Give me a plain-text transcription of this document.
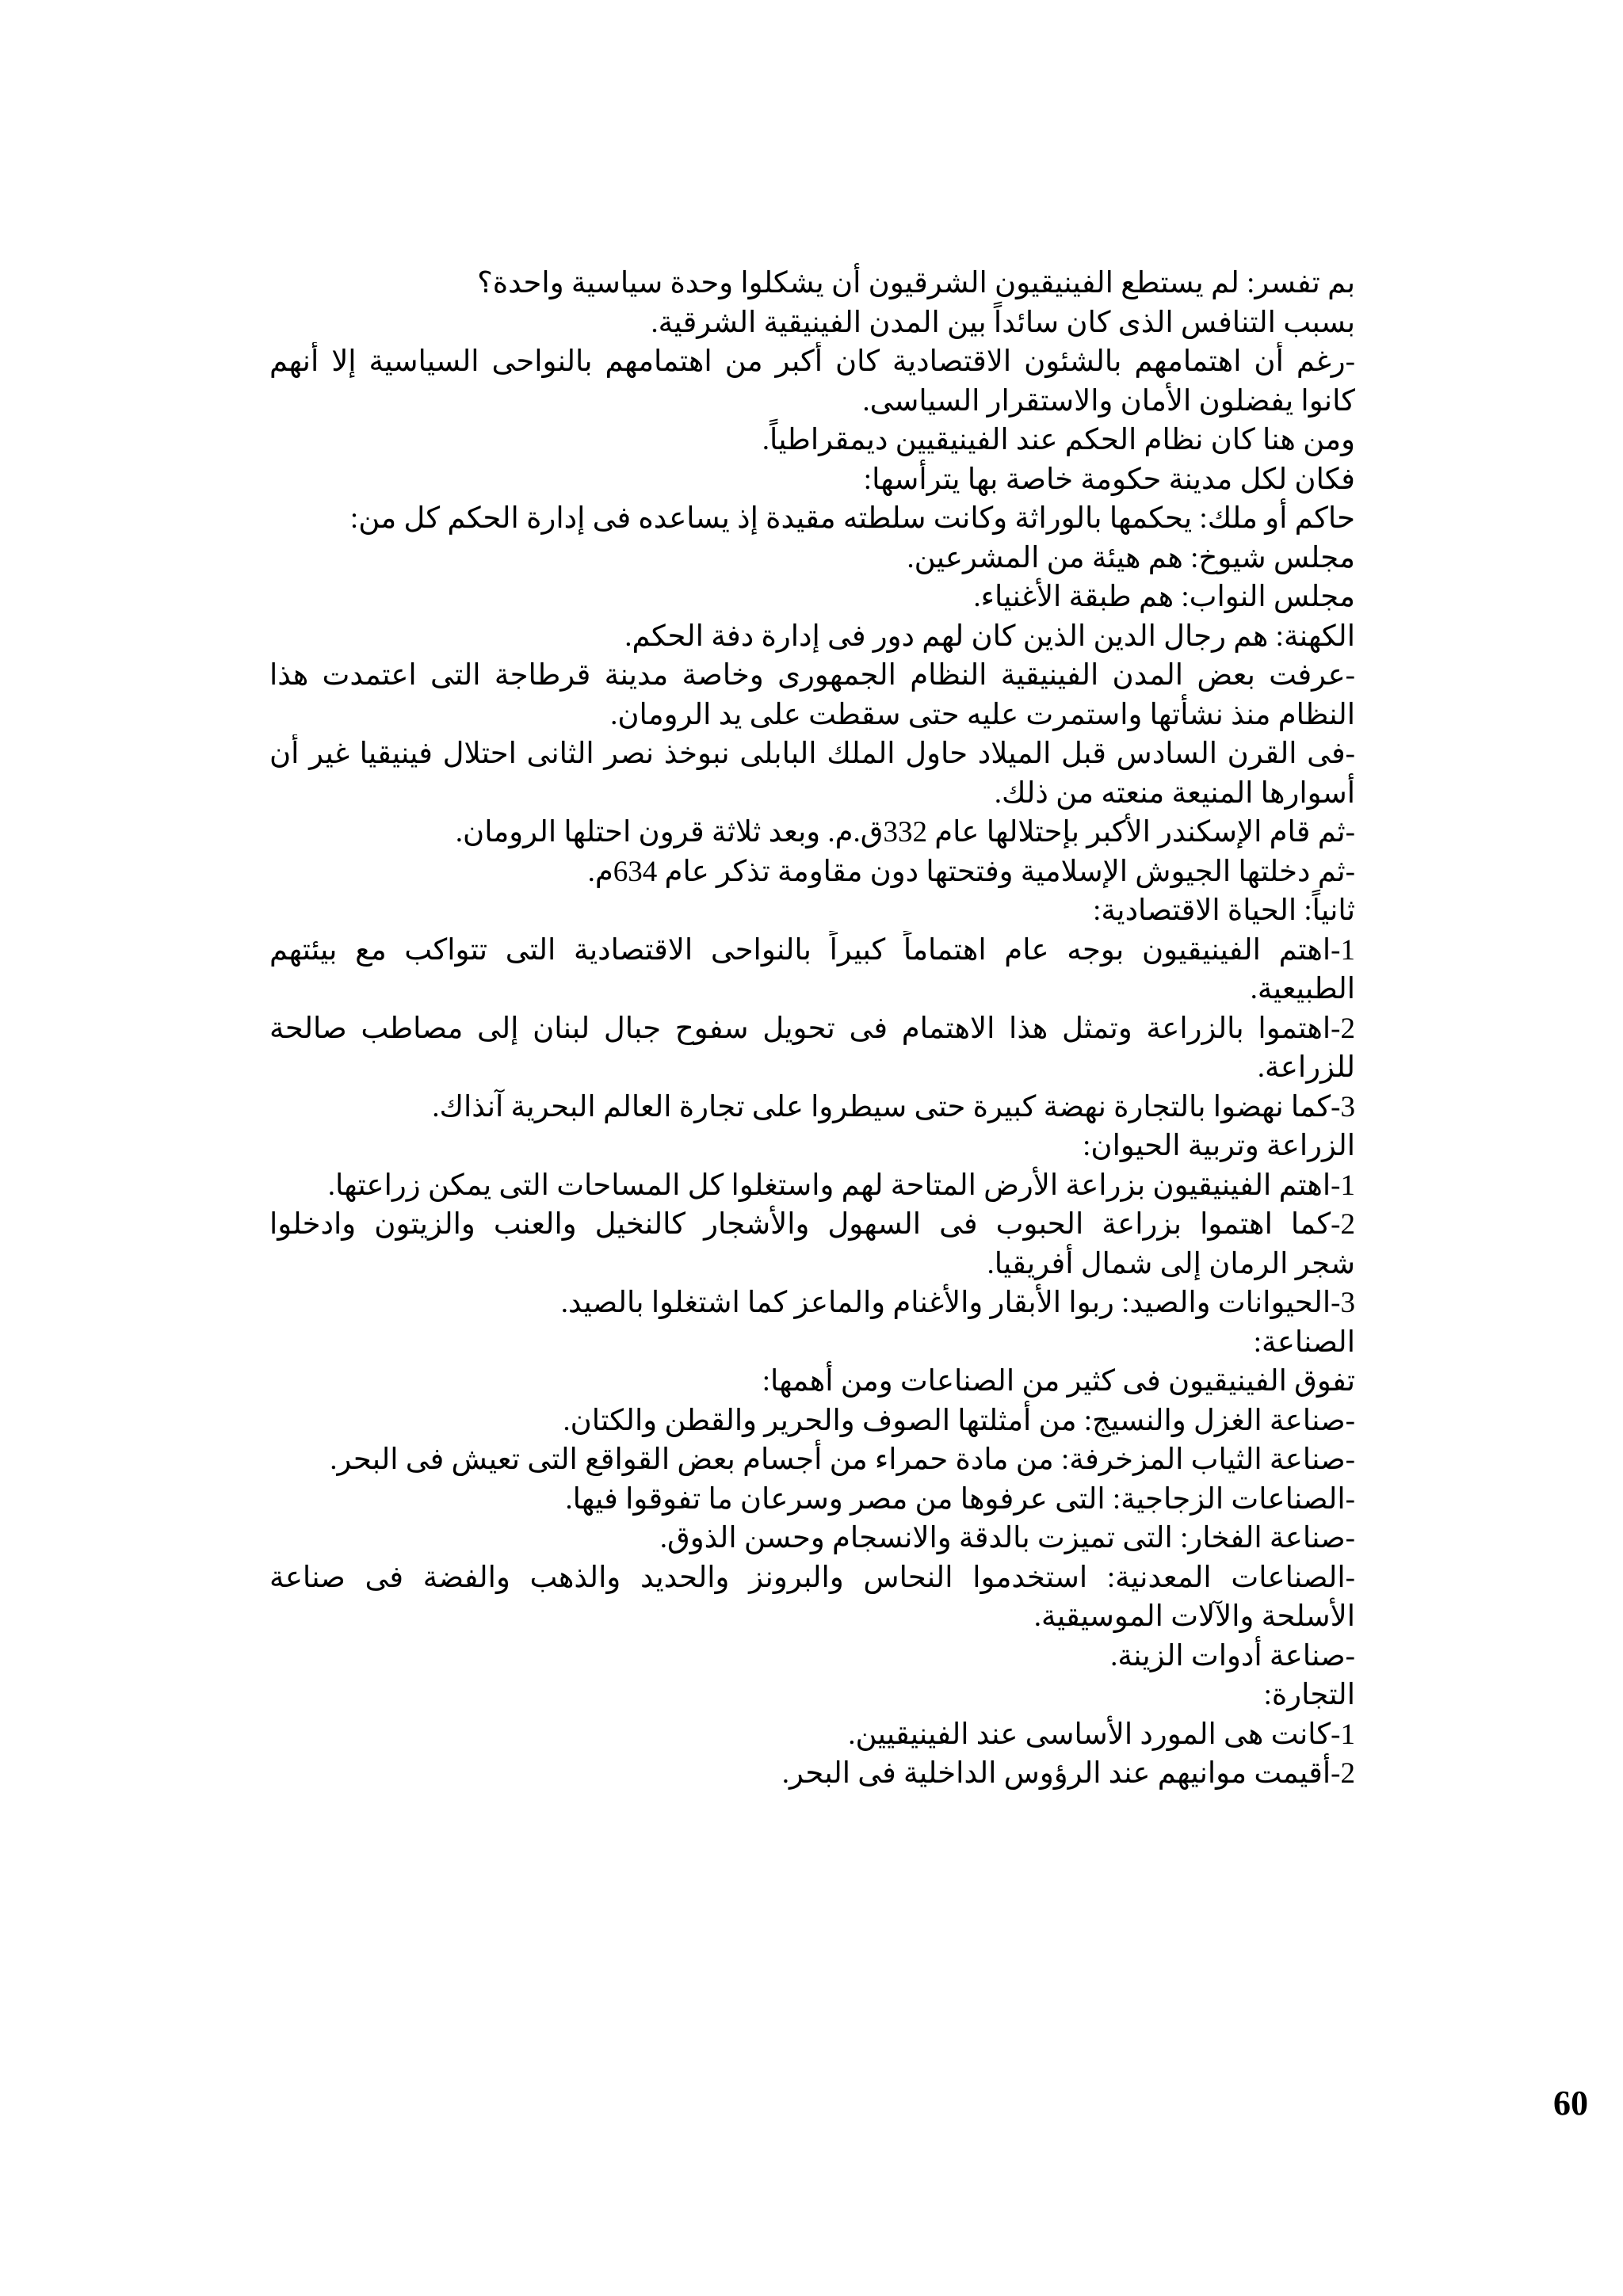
بم تفسر: لم يستطع الفينيقيون الشرقيون أن يشكلوا وحدة سياسية واحدة؟
بسبب التنافس الذى كان سائداً بين المدن الفينيقية الشرقية.
-رغم أن اهتمامهم بالشئون الاقتصادية كان أكبر من اهتمامهم بالنواحى السياسية إلا أنهم
كانوا يفضلون الأمان والاستقرار السياسى.
ومن هنا كان نظام الحكم عند الفينيقيين ديمقراطياً.
فكان لكل مدينة حكومة خاصة بها يترأسها:
حاكم أو ملك: يحكمها بالوراثة وكانت سلطته مقيدة إذ يساعده فى إدارة الحكم كل من:
مجلس شيوخ: هم هيئة من المشرعين.
مجلس النواب: هم طبقة الأغنياء.
الكهنة: هم رجال الدين الذين كان لهم دور فى إدارة دفة الحكم.
-عرفت بعض المدن الفينيقية النظام الجمهورى وخاصة مدينة قرطاجة التى اعتمدت هذا
النظام منذ نشأتها واستمرت عليه حتى سقطت على يد الرومان.
-فى القرن السادس قبل الميلاد حاول الملك البابلى نبوخذ نصر الثانى احتلال فينيقيا غير أن
أسوارها المنيعة منعته من ذلك.
-ثم قام الإسكندر الأكبر بإحتلالها عام 332ق.م. وبعد ثلاثة قرون احتلها الرومان.
-ثم دخلتها الجيوش الإسلامية وفتحتها دون مقاومة تذكر عام 634م.
ثانياً: الحياة الاقتصادية:
1-اهتم الفينيقيون بوجه عام اهتماماً كبيراً بالنواحى الاقتصادية التى تتواكب مع بيئتهم
الطبيعية.
2-اهتموا بالزراعة وتمثل هذا الاهتمام فى تحويل سفوح جبال لبنان إلى مصاطب صالحة
للزراعة.
3-كما نهضوا بالتجارة نهضة كبيرة حتى سيطروا على تجارة العالم البحرية آنذاك.
الزراعة وتربية الحيوان:
1-اهتم الفينيقيون بزراعة الأرض المتاحة لهم واستغلوا كل المساحات التى يمكن زراعتها.
2-كما اهتموا بزراعة الحبوب فى السهول والأشجار كالنخيل والعنب والزيتون وادخلوا
شجر الرمان إلى شمال أفريقيا.
3-الحيوانات والصيد: ربوا الأبقار والأغنام والماعز كما اشتغلوا بالصيد.
الصناعة:
تفوق الفينيقيون فى كثير من الصناعات ومن أهمها:
-صناعة الغزل والنسيج: من أمثلتها الصوف والحرير والقطن والكتان.
-صناعة الثياب المزخرفة: من مادة حمراء من أجسام بعض القواقع التى تعيش فى البحر.
-الصناعات الزجاجية: التى عرفوها من مصر وسرعان ما تفوقوا فيها.
-صناعة الفخار: التى تميزت بالدقة والانسجام وحسن الذوق.
-الصناعات المعدنية: استخدموا النحاس والبرونز والحديد والذهب والفضة فى صناعة
الأسلحة والآلات الموسيقية.
-صناعة أدوات الزينة.
التجارة:
1-كانت هى المورد الأساسى عند الفينيقيين.
2-أقيمت موانيهم عند الرؤوس الداخلية فى البحر.
60
